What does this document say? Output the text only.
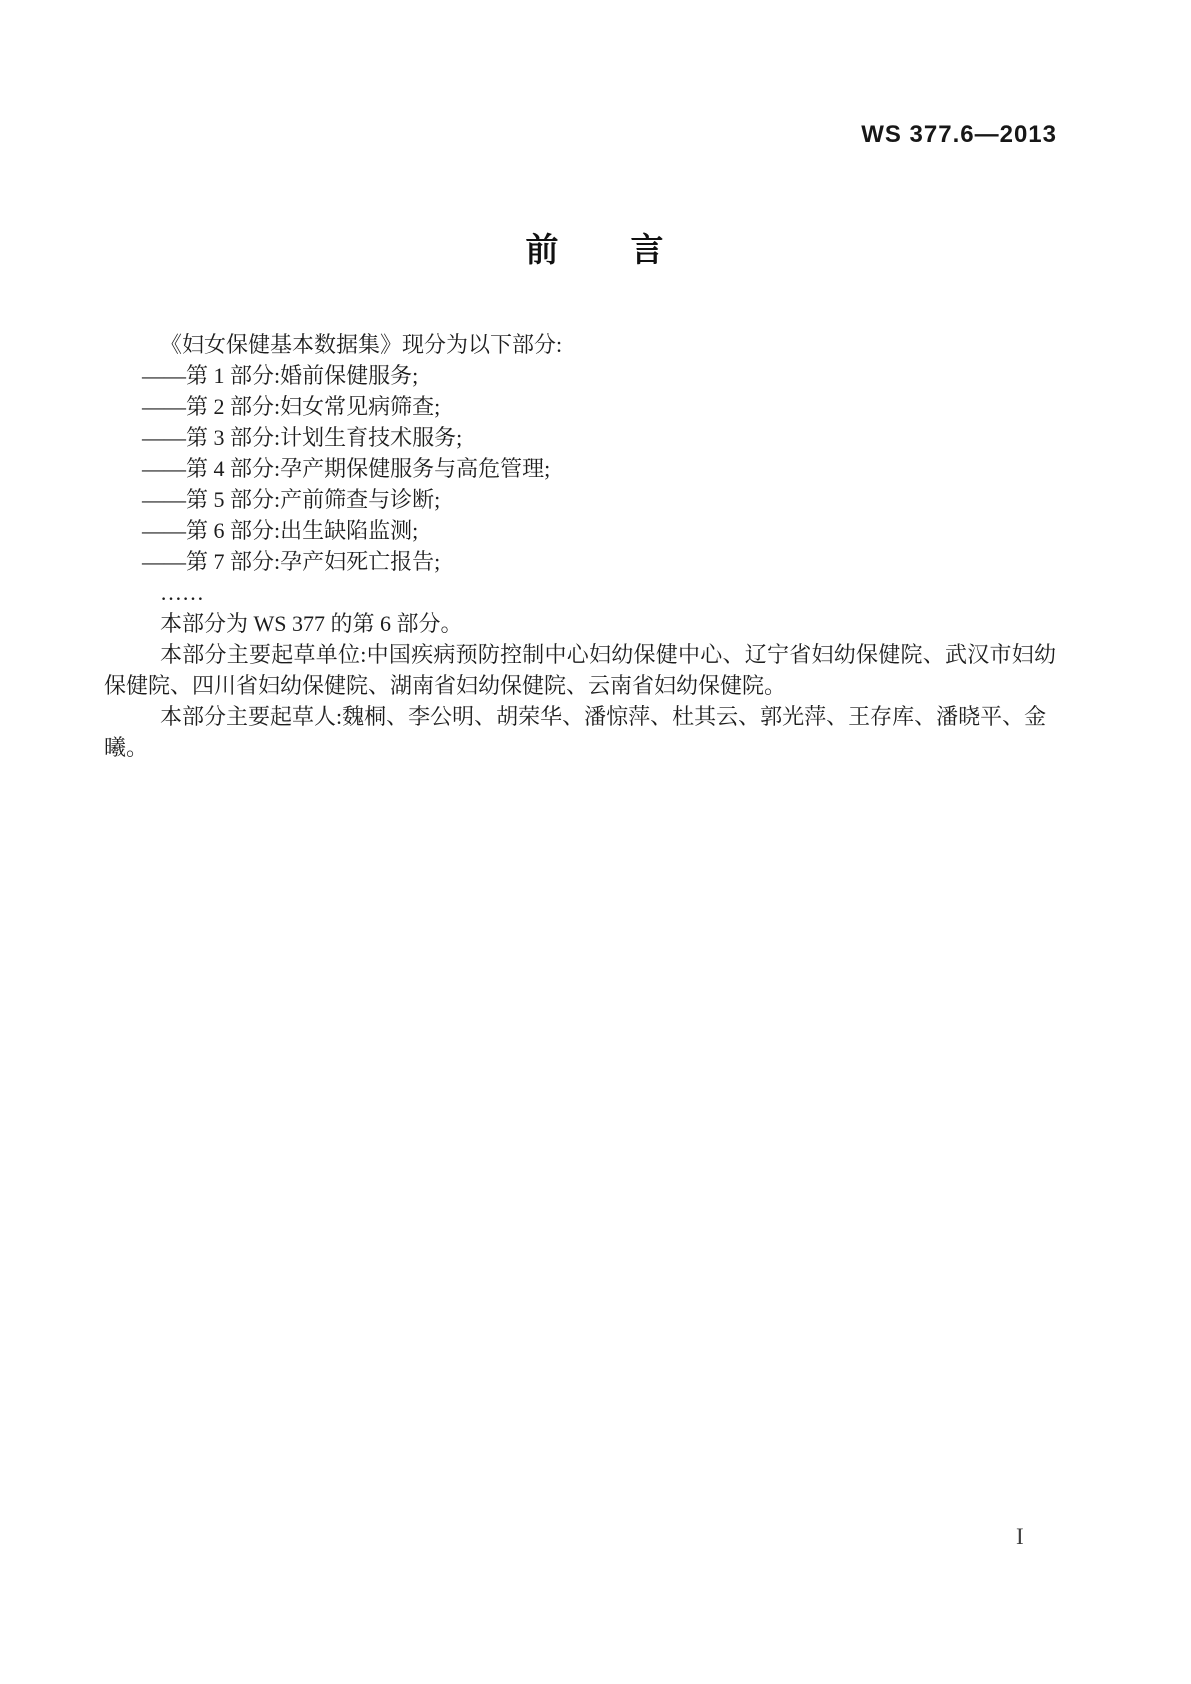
WS 377.6—2013
前　　言

《妇女保健基本数据集》现分为以下部分:

——第 1 部分:婚前保健服务;

——第 2 部分:妇女常见病筛查;

——第 3 部分:计划生育技术服务;

——第 4 部分:孕产期保健服务与高危管理;

——第 5 部分:产前筛查与诊断;

——第 6 部分:出生缺陷监测;

——第 7 部分:孕产妇死亡报告;

……

本部分为 WS 377 的第 6 部分。

本部分主要起草单位:中国疾病预防控制中心妇幼保健中心、辽宁省妇幼保健院、武汉市妇幼保健院、四川省妇幼保健院、湖南省妇幼保健院、云南省妇幼保健院。

本部分主要起草人:魏桐、李公明、胡荣华、潘惊萍、杜其云、郭光萍、王存库、潘晓平、金曦。

I
